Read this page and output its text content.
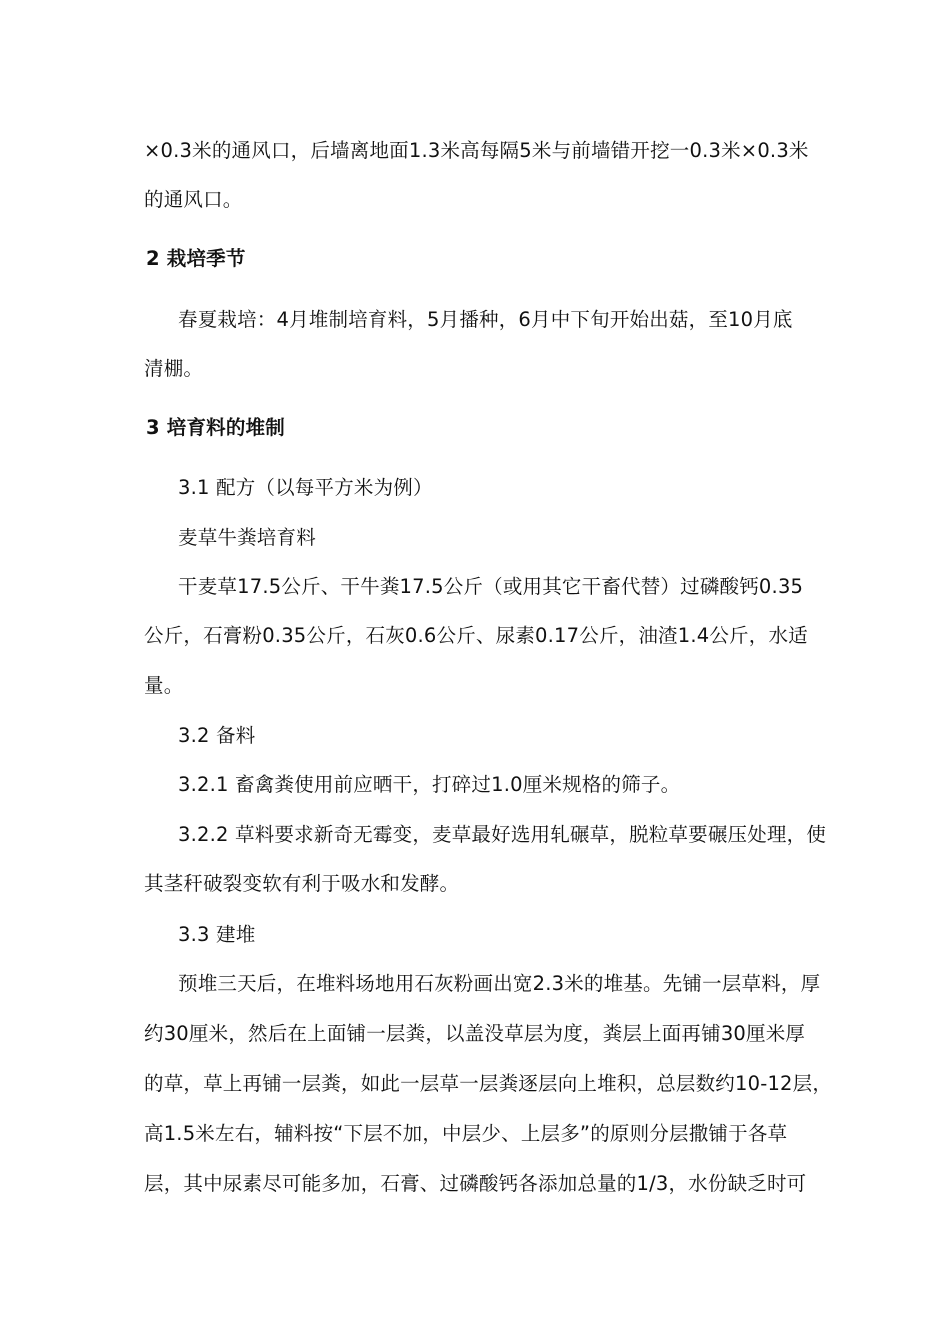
×0.3米的通风口，后墙离地面1.3米高每隔5米与前墙错开挖一0.3米×0.3米
的通风口。
2 栽培季节
春夏栽培：4月堆制培育料，5月播种，6月中下旬开始出菇，至10月底
清棚。
3 培育料的堆制
3.1 配方（以每平方米为例）
麦草牛粪培育料
干麦草17.5公斤、干牛粪17.5公斤（或用其它干畜代替）过磷酸钙0.35
公斤，石膏粉0.35公斤，石灰0.6公斤、尿素0.17公斤，油渣1.4公斤，水适
量。
3.2 备料
3.2.1 畜禽粪使用前应晒干，打碎过1.0厘米规格的筛子。
3.2.2 草料要求新奇无霉变，麦草最好选用轧碾草，脱粒草要碾压处理，使
其茎秆破裂变软有利于吸水和发酵。
3.3 建堆
预堆三天后，在堆料场地用石灰粉画出宽2.3米的堆基。先铺一层草料，厚
约30厘米，然后在上面铺一层粪，以盖没草层为度，粪层上面再铺30厘米厚
的草，草上再铺一层粪，如此一层草一层粪逐层向上堆积，总层数约10-12层，
高1.5米左右，辅料按“下层不加，中层少、上层多”的原则分层撒铺于各草
层，其中尿素尽可能多加，石膏、过磷酸钙各添加总量的1/3，水份缺乏时可
